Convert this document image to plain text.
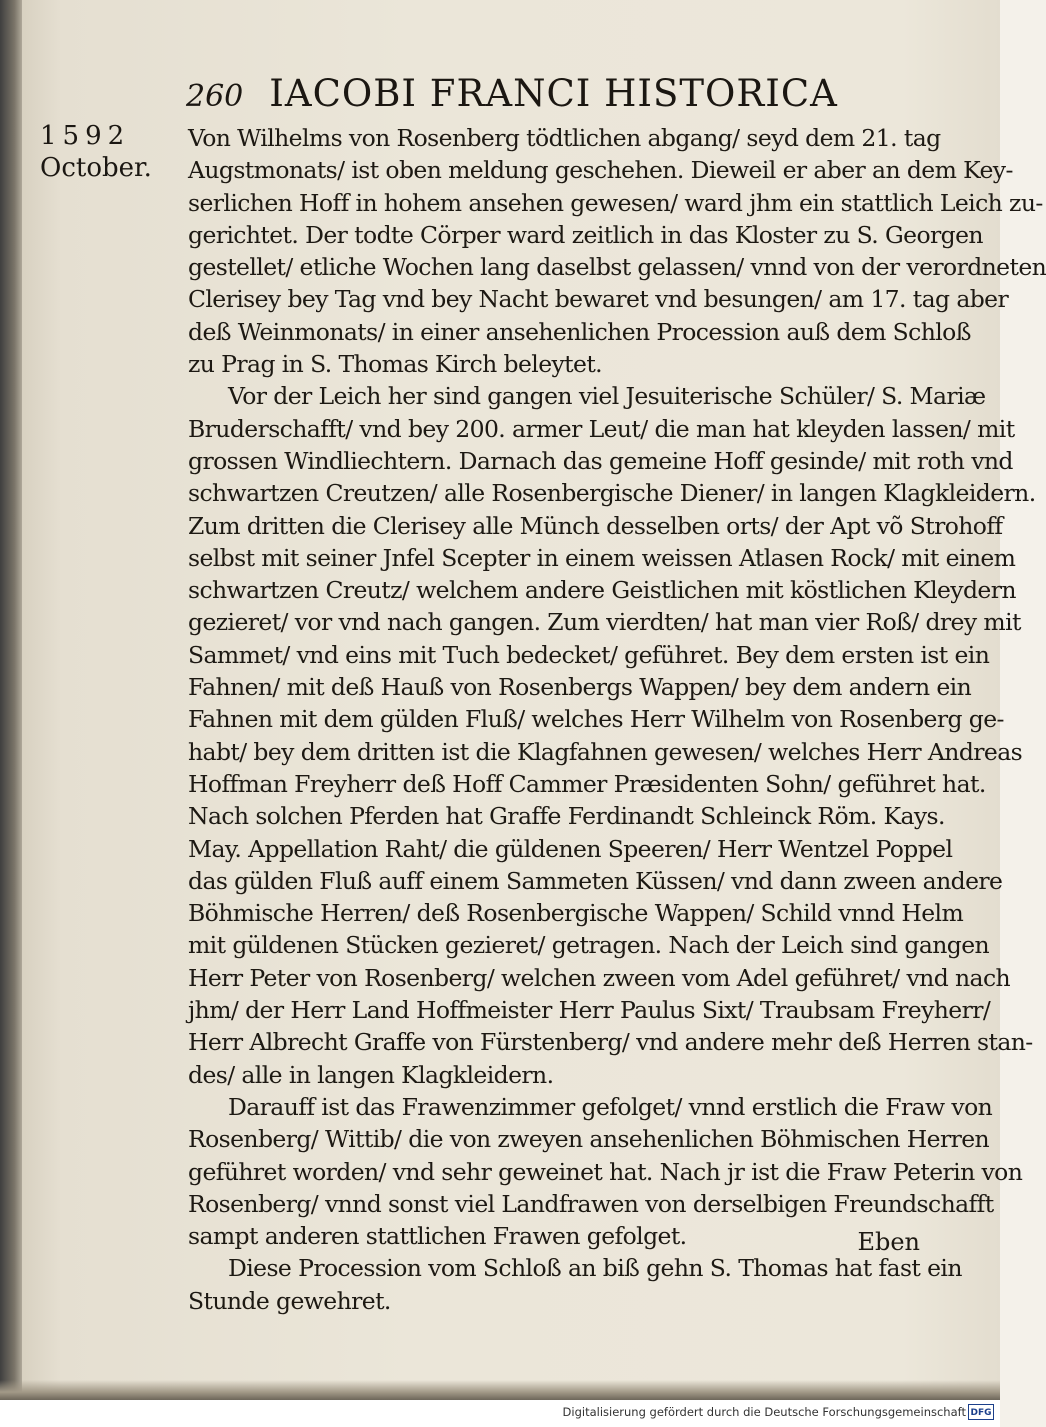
260 IACOBI FRANCI HISTORICA
1592
October.
Von Wilhelms von Rosenberg tödtlichen abgang/ seyd dem 21. tag
Augstmonats/ ist oben meldung geschehen. Dieweil er aber an dem Key-
serlichen Hoff in hohem ansehen gewesen/ ward jhm ein stattlich Leich zu-
gerichtet. Der todte Cörper ward zeitlich in das Kloster zu S. Georgen
gestellet/ etliche Wochen lang daselbst gelassen/ vnnd von der verordneten
Clerisey bey Tag vnd bey Nacht bewaret vnd besungen/ am 17. tag aber
deß Weinmonats/ in einer ansehenlichen Procession auß dem Schloß
zu Prag in S. Thomas Kirch beleytet.
Vor der Leich her sind gangen viel Jesuiterische Schüler/ S. Mariæ
Bruderschafft/ vnd bey 200. armer Leut/ die man hat kleyden lassen/ mit
grossen Windliechtern. Darnach das gemeine Hoff gesinde/ mit roth vnd
schwartzen Creutzen/ alle Rosenbergische Diener/ in langen Klagkleidern.
Zum dritten die Clerisey alle Münch desselben orts/ der Apt võ Strohoff
selbst mit seiner Jnfel Scepter in einem weissen Atlasen Rock/ mit einem
schwartzen Creutz/ welchem andere Geistlichen mit köstlichen Kleydern
gezieret/ vor vnd nach gangen. Zum vierdten/ hat man vier Roß/ drey mit
Sammet/ vnd eins mit Tuch bedecket/ geführet. Bey dem ersten ist ein
Fahnen/ mit deß Hauß von Rosenbergs Wappen/ bey dem andern ein
Fahnen mit dem gülden Fluß/ welches Herr Wilhelm von Rosenberg ge-
habt/ bey dem dritten ist die Klagfahnen gewesen/ welches Herr Andreas
Hoffman Freyherr deß Hoff Cammer Præsidenten Sohn/ geführet hat.
Nach solchen Pferden hat Graffe Ferdinandt Schleinck Röm. Kays.
May. Appellation Raht/ die güldenen Speeren/ Herr Wentzel Poppel
das gülden Fluß auff einem Sammeten Küssen/ vnd dann zween andere
Böhmische Herren/ deß Rosenbergische Wappen/ Schild vnnd Helm
mit güldenen Stücken gezieret/ getragen. Nach der Leich sind gangen
Herr Peter von Rosenberg/ welchen zween vom Adel geführet/ vnd nach
jhm/ der Herr Land Hoffmeister Herr Paulus Sixt/ Traubsam Freyherr/
Herr Albrecht Graffe von Fürstenberg/ vnd andere mehr deß Herren stan-
des/ alle in langen Klagkleidern.
Darauff ist das Frawenzimmer gefolget/ vnnd erstlich die Fraw von
Rosenberg/ Wittib/ die von zweyen ansehenlichen Böhmischen Herren
geführet worden/ vnd sehr geweinet hat. Nach jr ist die Fraw Peterin von
Rosenberg/ vnnd sonst viel Landfrawen von derselbigen Freundschafft
sampt anderen stattlichen Frawen gefolget.
Diese Procession vom Schloß an biß gehn S. Thomas hat fast ein
Stunde gewehret.
Eben
Digitalisierung gefördert durch die Deutsche Forschungsgemeinschaft DFG
